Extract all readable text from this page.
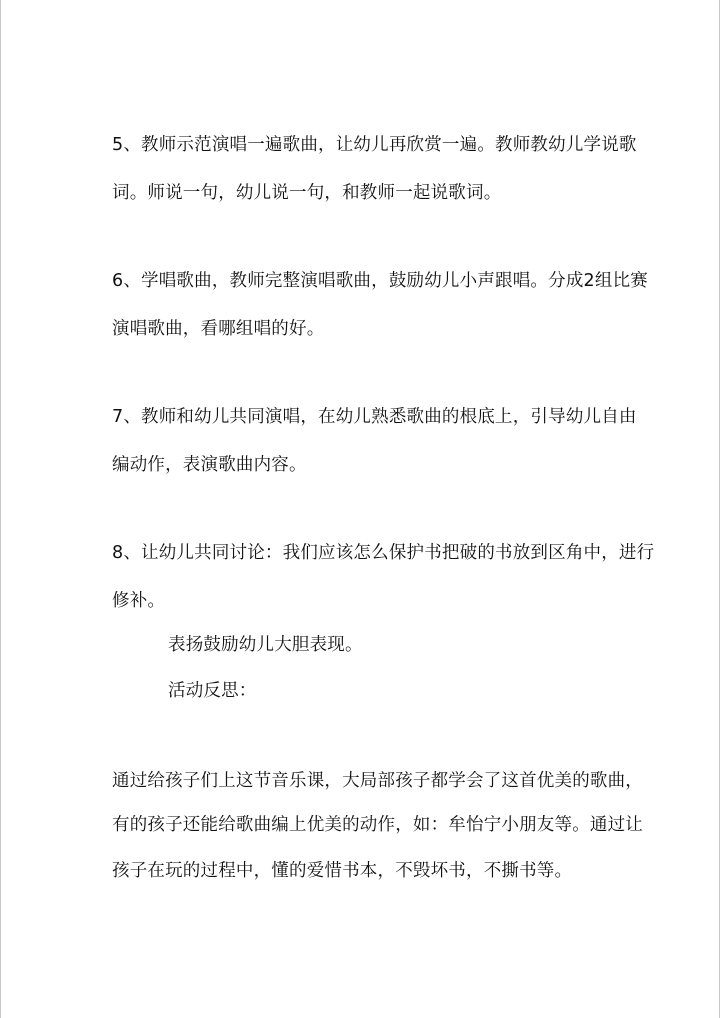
5、教师示范演唱一遍歌曲，让幼儿再欣赏一遍。教师教幼儿学说歌
词。师说一句，幼儿说一句，和教师一起说歌词。
6、学唱歌曲，教师完整演唱歌曲，鼓励幼儿小声跟唱。分成2组比赛
演唱歌曲，看哪组唱的好。
7、教师和幼儿共同演唱，在幼儿熟悉歌曲的根底上，引导幼儿自由
编动作，表演歌曲内容。
8、让幼儿共同讨论：我们应该怎么保护书把破的书放到区角中，进行
修补。
表扬鼓励幼儿大胆表现。
活动反思：
通过给孩子们上这节音乐课，大局部孩子都学会了这首优美的歌曲，
有的孩子还能给歌曲编上优美的动作，如：牟怡宁小朋友等。通过让
孩子在玩的过程中，懂的爱惜书本，不毁坏书，不撕书等。
